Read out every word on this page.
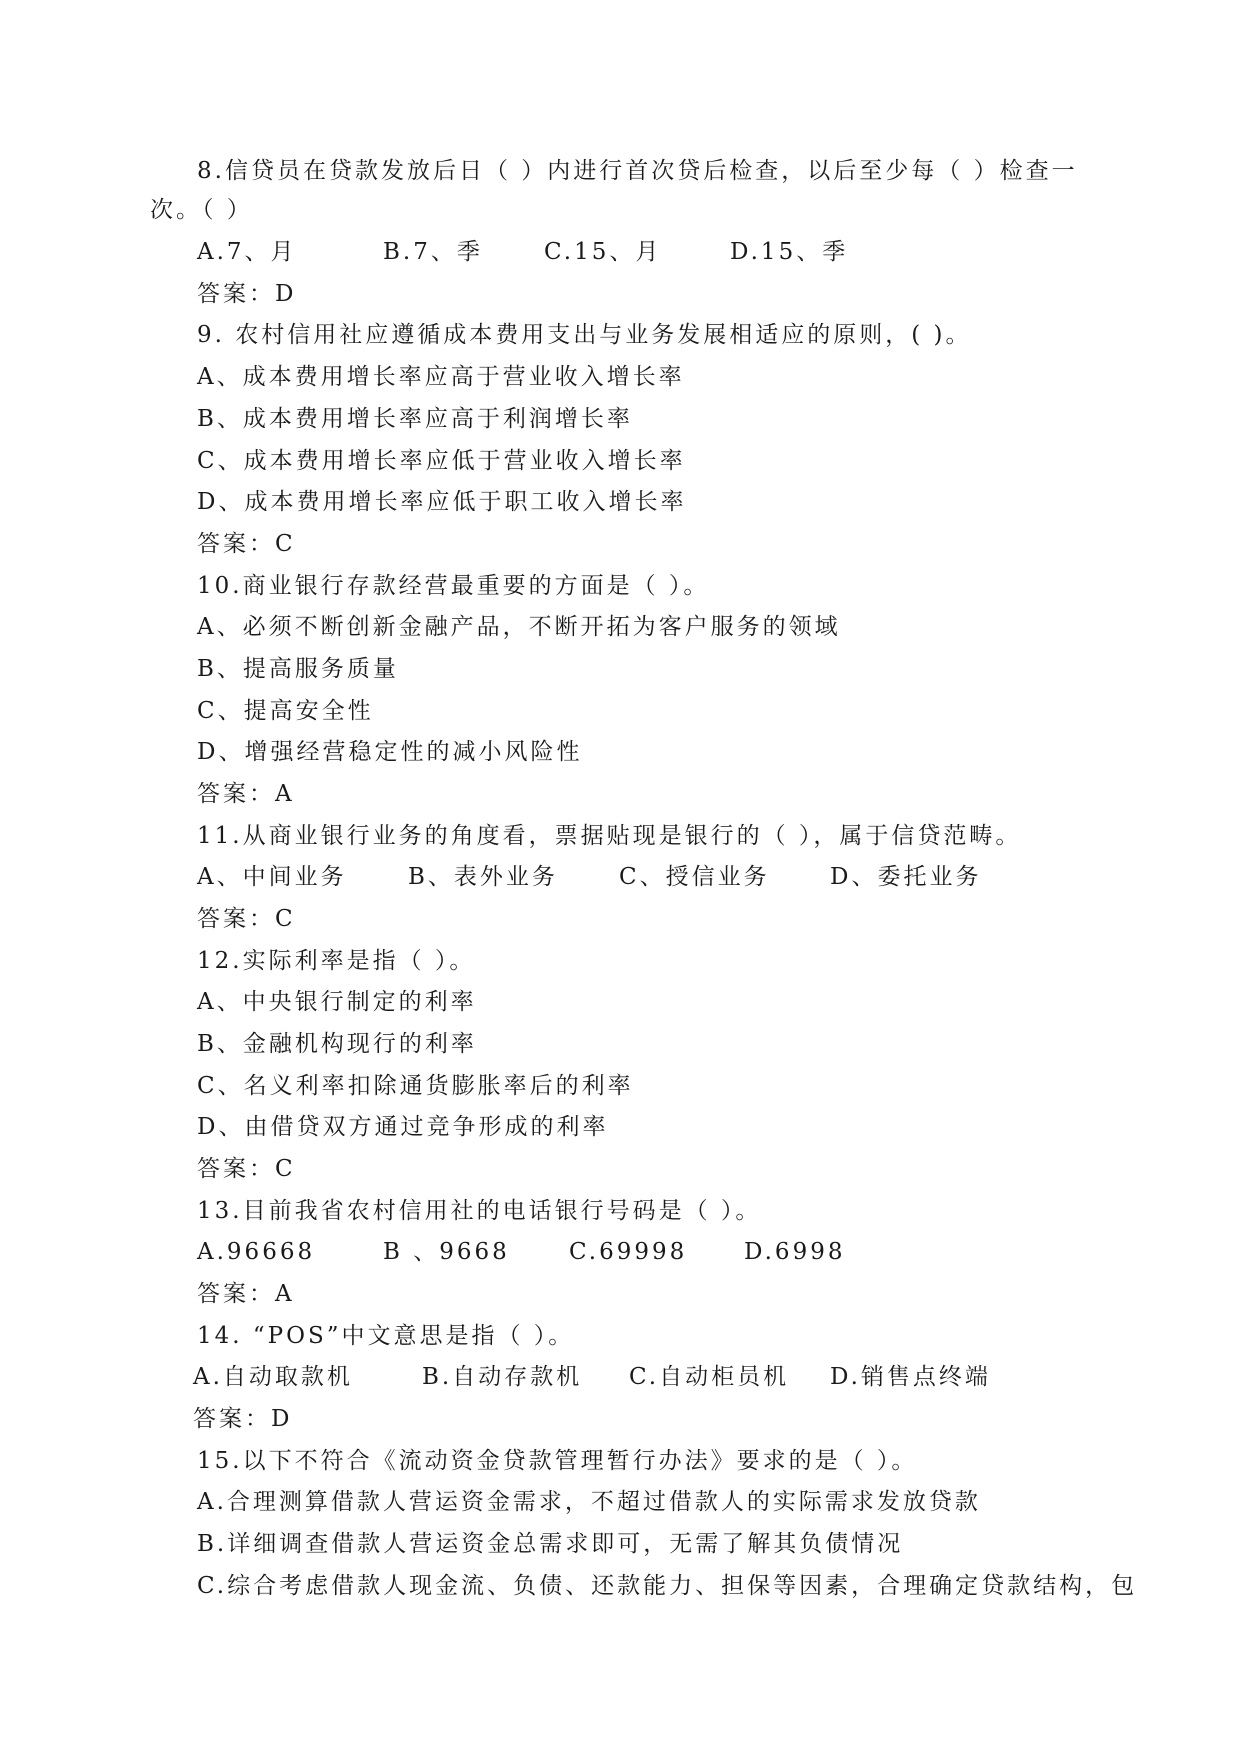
8.信贷员在贷款发放后日（ ）内进行首次贷后检查，以后至少每（ ）检查一
次。（ ）
A.7、月	B.7、季	C.15、月	D.15、季
答案：D
9. 农村信用社应遵循成本费用支出与业务发展相适应的原则，( )。
A、成本费用增长率应高于营业收入增长率
B、成本费用增长率应高于利润增长率
C、成本费用增长率应低于营业收入增长率
D、成本费用增长率应低于职工收入增长率
答案：C
10.商业银行存款经营最重要的方面是（ ）。
A、必须不断创新金融产品，不断开拓为客户服务的领域
B、提高服务质量
C、提高安全性
D、增强经营稳定性的减小风险性
答案：A
11.从商业银行业务的角度看，票据贴现是银行的（ ），属于信贷范畴。
A、中间业务	B、表外业务	C、授信业务	D、委托业务
答案：C
12.实际利率是指（ ）。
A、中央银行制定的利率
B、金融机构现行的利率
C、名义利率扣除通货膨胀率后的利率
D、由借贷双方通过竞争形成的利率
答案：C
13.目前我省农村信用社的电话银行号码是（ ）。
A.96668	B 、9668	C.69998 D.6998
答案：A
14. “POS”中文意思是指（ ）。
A.自动取款机	B.自动存款机 C.自动柜员机 D.销售点终端
答案：D
15.以下不符合《流动资金贷款管理暂行办法》要求的是（ ）。
A.合理测算借款人营运资金需求，不超过借款人的实际需求发放贷款
B.详细调查借款人营运资金总需求即可，无需了解其负债情况
C.综合考虑借款人现金流、负债、还款能力、担保等因素，合理确定贷款结构，包
